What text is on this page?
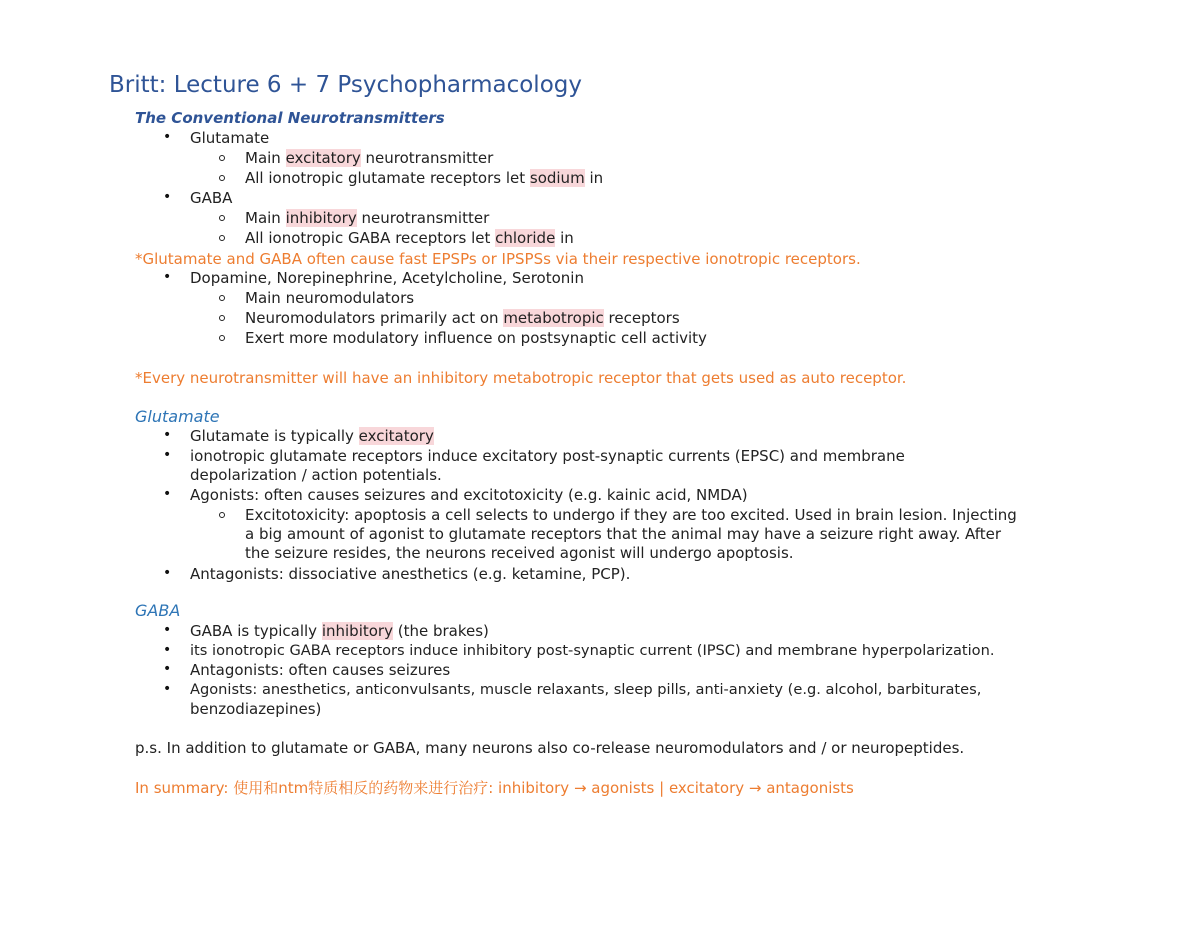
Britt: Lecture 6 + 7 Psychopharmacology
The Conventional Neurotransmitters
• Glutamate
Main excitatory neurotransmitter
All ionotropic glutamate receptors let sodium in
• GABA
Main inhibitory neurotransmitter
All ionotropic GABA receptors let chloride in
*Glutamate and GABA often cause fast EPSPs or IPSPSs via their respective ionotropic receptors.
• Dopamine, Norepinephrine, Acetylcholine, Serotonin
Main neuromodulators
Neuromodulators primarily act on metabotropic receptors
Exert more modulatory influence on postsynaptic cell activity
*Every neurotransmitter will have an inhibitory metabotropic receptor that gets used as auto receptor.
Glutamate
• Glutamate is typically excitatory
• ionotropic glutamate receptors induce excitatory post-synaptic currents (EPSC) and membrane
depolarization / action potentials.
• Agonists: often causes seizures and excitotoxicity (e.g. kainic acid, NMDA)
Excitotoxicity: apoptosis a cell selects to undergo if they are too excited. Used in brain lesion. Injecting
a big amount of agonist to glutamate receptors that the animal may have a seizure right away. After
the seizure resides, the neurons received agonist will undergo apoptosis.
• Antagonists: dissociative anesthetics (e.g. ketamine, PCP).
GABA
• GABA is typically inhibitory (the brakes)
• its ionotropic GABA receptors induce inhibitory post-synaptic current (IPSC) and membrane hyperpolarization.
• Antagonists: often causes seizures
• Agonists: anesthetics, anticonvulsants, muscle relaxants, sleep pills, anti-anxiety (e.g. alcohol, barbiturates,
benzodiazepines)
p.s. In addition to glutamate or GABA, many neurons also co-release neuromodulators and / or neuropeptides.
In summary: 使用和ntm特质相反的药物来进行治疗: inhibitory → agonists | excitatory → antagonists
